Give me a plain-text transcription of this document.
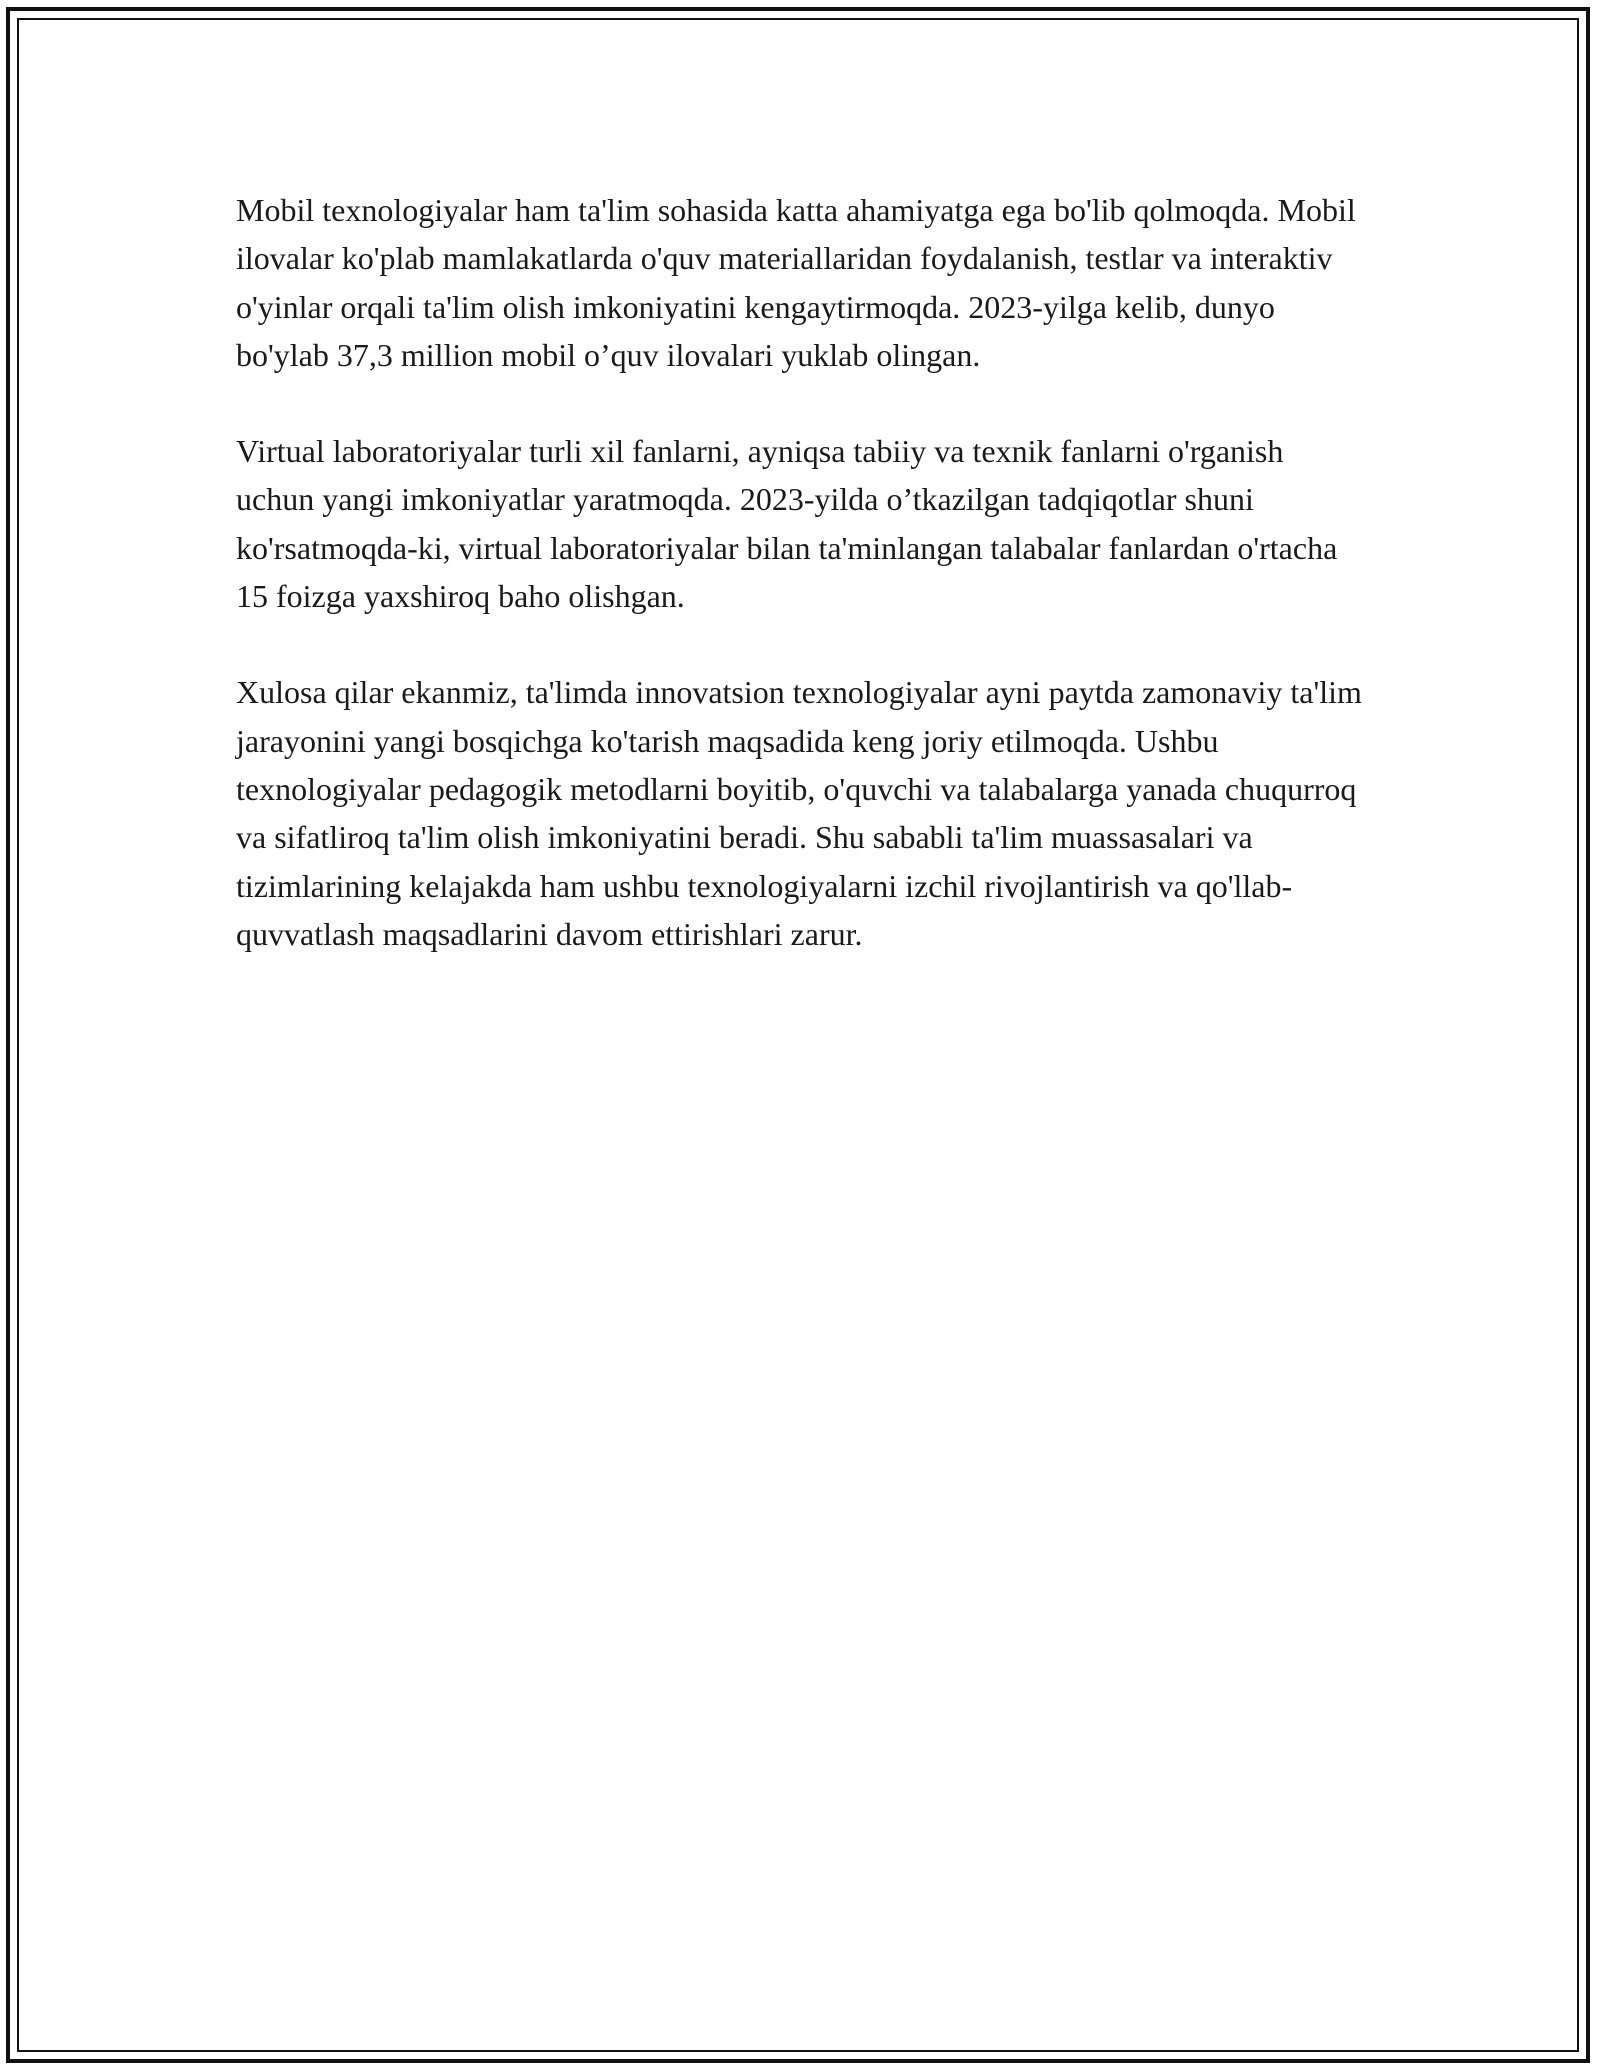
Mobil texnologiyalar ham ta'lim sohasida katta ahamiyatga ega bo'lib qolmoqda. Mobil ilovalar ko'plab mamlakatlarda o'quv materiallaridan foydalanish, testlar va interaktiv o'yinlar orqali ta'lim olish imkoniyatini kengaytirmoqda. 2023-yilga kelib, dunyo bo'ylab 37,3 million mobil o’quv ilovalari yuklab olingan.

Virtual laboratoriyalar turli xil fanlarni, ayniqsa tabiiy va texnik fanlarni o'rganish uchun yangi imkoniyatlar yaratmoqda. 2023-yilda o’tkazilgan tadqiqotlar shuni ko'rsatmoqda-ki, virtual laboratoriyalar bilan ta'minlangan talabalar fanlardan o'rtacha 15 foizga yaxshiroq baho olishgan.

Xulosa qilar ekanmiz, ta'limda innovatsion texnologiyalar ayni paytda zamonaviy ta'lim jarayonini yangi bosqichga ko'tarish maqsadida keng joriy etilmoqda. Ushbu texnologiyalar pedagogik metodlarni boyitib, o'quvchi va talabalarga yanada chuqurroq va sifatliroq ta'lim olish imkoniyatini beradi. Shu sababli ta'lim muassasalari va tizimlarining kelajakda ham ushbu texnologiyalarni izchil rivojlantirish va qo'llab-quvvatlash maqsadlarini davom ettirishlari zarur.
